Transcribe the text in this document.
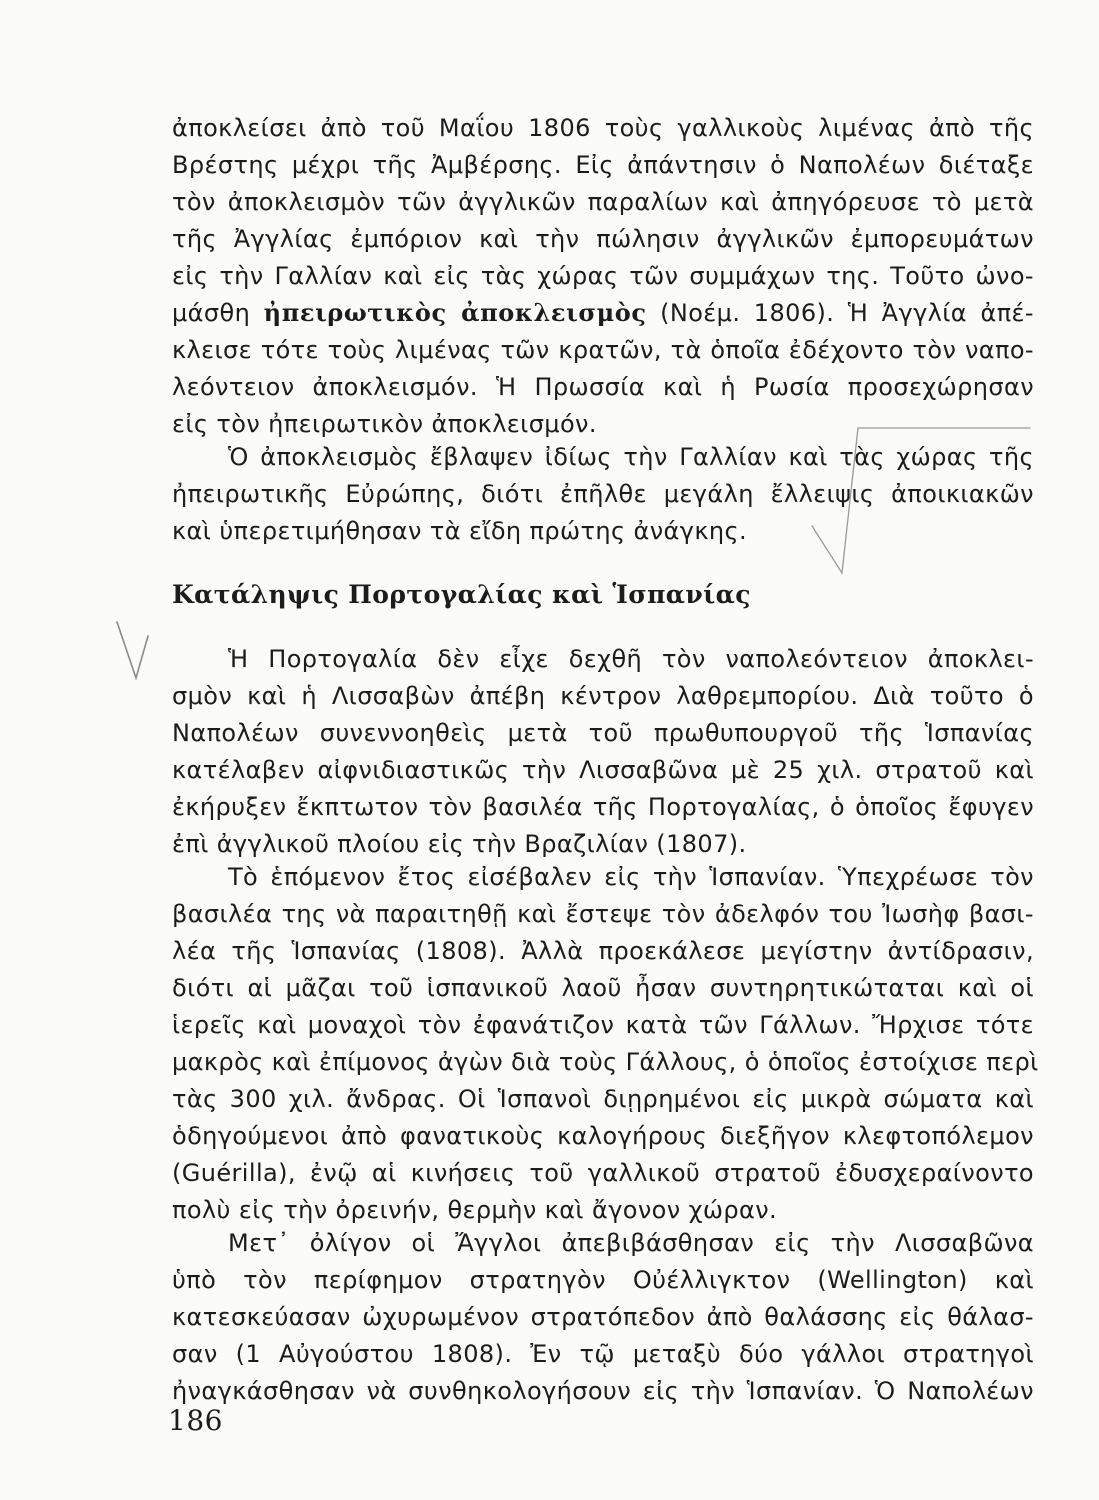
ἀποκλείσει ἀπὸ τοῦ Μαΐου 1806 τοὺς γαλλικοὺς λιμένας ἀπὸ τῆς
Βρέστης μέχρι τῆς Ἀμβέρσης. Εἰς ἀπάντησιν ὁ Ναπολέων διέταξε
τὸν ἀποκλεισμὸν τῶν ἀγγλικῶν παραλίων καὶ ἀπηγόρευσε τὸ μετὰ
τῆς Ἀγγλίας ἐμπόριον καὶ τὴν πώλησιν ἀγγλικῶν ἐμπορευμάτων
εἰς τὴν Γαλλίαν καὶ εἰς τὰς χώρας τῶν συμμάχων της. Τοῦτο ὠνο-
μάσθη ἠπειρωτικὸς ἀποκλεισμὸς (Νοέμ. 1806). Ἡ Ἀγγλία ἀπέ-
κλεισε τότε τοὺς λιμένας τῶν κρατῶν, τὰ ὁποῖα ἐδέχοντο τὸν ναπο-
λεόντειον ἀποκλεισμόν. Ἡ Πρωσσία καὶ ἡ Ρωσία προσεχώρησαν
εἰς τὸν ἠπειρωτικὸν ἀποκλεισμόν.
Ὁ ἀποκλεισμὸς ἔβλαψεν ἰδίως τὴν Γαλλίαν καὶ τὰς χώρας τῆς
ἠπειρωτικῆς Εὐρώπης, διότι ἐπῆλθε μεγάλη ἔλλειψις ἀποικιακῶν
καὶ ὑπερετιμήθησαν τὰ εἴδη πρώτης ἀνάγκης.
Κατάληψις Πορτογαλίας καὶ Ἱσπανίας
Ἡ Πορτογαλία δὲν εἶχε δεχθῆ τὸν ναπολεόντειον ἀποκλει-
σμὸν καὶ ἡ Λισσαβὼν ἀπέβη κέντρον λαθρεμπορίου. Διὰ τοῦτο ὁ
Ναπολέων συνεννοηθεὶς μετὰ τοῦ πρωθυπουργοῦ τῆς Ἱσπανίας
κατέλαβεν αἰφνιδιαστικῶς τὴν Λισσαβῶνα μὲ 25 χιλ. στρατοῦ καὶ
ἐκήρυξεν ἔκπτωτον τὸν βασιλέα τῆς Πορτογαλίας, ὁ ὁποῖος ἔφυγεν
ἐπὶ ἀγγλικοῦ πλοίου εἰς τὴν Βραζιλίαν (1807).
Τὸ ἑπόμενον ἔτος εἰσέβαλεν εἰς τὴν Ἱσπανίαν. Ὑπεχρέωσε τὸν
βασιλέα της νὰ παραιτηθῇ καὶ ἔστεψε τὸν ἀδελφόν του Ἰωσὴφ βασι-
λέα τῆς Ἱσπανίας (1808). Ἀλλὰ προεκάλεσε μεγίστην ἀντίδρασιν,
διότι αἱ μᾶζαι τοῦ ἱσπανικοῦ λαοῦ ἦσαν συντηρητικώταται καὶ οἱ
ἱερεῖς καὶ μοναχοὶ τὸν ἐφανάτιζον κατὰ τῶν Γάλλων. Ἤρχισε τότε
μακρὸς καὶ ἐπίμονος ἀγὼν διὰ τοὺς Γάλλους, ὁ ὁποῖος ἐστοίχισε περὶ
τὰς 300 χιλ. ἄνδρας. Οἱ Ἱσπανοὶ διῃρημένοι εἰς μικρὰ σώματα καὶ
ὁδηγούμενοι ἀπὸ φανατικοὺς καλογήρους διεξῆγον κλεφτοπόλεμον
(Guérilla), ἐνῷ αἱ κινήσεις τοῦ γαλλικοῦ στρατοῦ ἐδυσχεραίνοντο
πολὺ εἰς τὴν ὀρεινήν, θερμὴν καὶ ἄγονον χώραν.
Μετ᾽ ὀλίγον οἱ Ἄγγλοι ἀπεβιβάσθησαν εἰς τὴν Λισσαβῶνα
ὑπὸ τὸν περίφημον στρατηγὸν Οὐέλλιγκτον (Wellington) καὶ
κατεσκεύασαν ὠχυρωμένον στρατόπεδον ἀπὸ θαλάσσης εἰς θάλασ-
σαν (1 Αὐγούστου 1808). Ἐν τῷ μεταξὺ δύο γάλλοι στρατηγοὶ
ἠναγκάσθησαν νὰ συνθηκολογήσουν εἰς τὴν Ἱσπανίαν. Ὁ Ναπολέων
186
